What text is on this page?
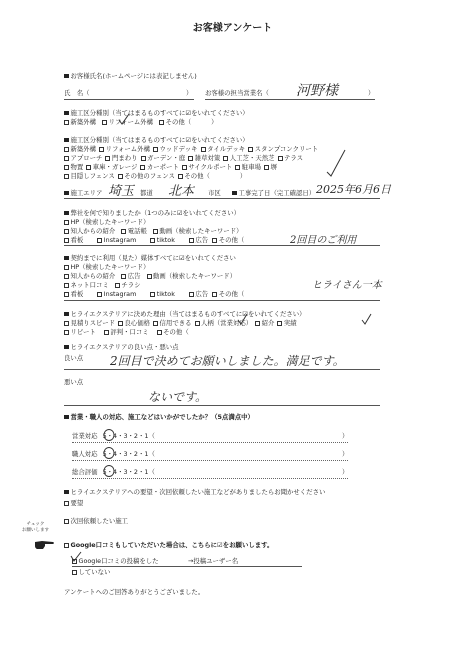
お客様アンケート
お客様氏名(ホームページには表記しません)
氏　名（	） お客様の担当営業名（ 河野様	）
施工区分種別（当てはまるものすべてに☑をいれてください）
新築外構 リフォーム外構 その他（	）
施工区分種別（当てはまるものすべてに☑をいれてください）
新築外構 リフォーム外構 ウッドデッキ タイルデッキ スタンプコンクリート
アプローチ 門まわり ガーデン・庭 雑草対策 人工芝・天然芝 テラス
物置 車庫・ガレージ カーポート サイクルポート 駐車場 塀
目隠しフェンス その他のフェンス その他（	）
施工エリア 埼玉 都道 北本 市区	工事完了日（完工確認日） 2025年6月6日
弊社を何で知りましたか（1つのみに☑をいれてください）
HP（検索したキーワード）
知人からの紹介 電話帳 動画（検索したキーワード）
看板	Instagram	tiktok	広告 その他（	2回目のご利用
契約までに利用（見た）媒体すべてに☑をいれてください
HP（検索したキーワード）
知人からの紹介 広告 動画（検索したキーワード）
ネット口コミ チラシ
看板	Instagram	tiktok	広告 その他（
ヒライさん一本
ヒライエクステリアに決めた理由（当てはまるものすべてに☑をいれてください）
見積りスピード 良心価格 信用できる 人柄（営業対応） 紹介 実績
リピート 評判・口コミ その他（
ヒライエクステリアの良い点・悪い点
良い点 2回目で決めてお願いしました。満足です。
悪い点
ないです。
営業・職人の対応、施工などはいかがでしたか？（5点満点中）
営業対応 5・4・3・2・1（	）
職人対応 5・4・3・2・1（	）
総合評価 5・4・3・2・1（	）
ヒライエクステリアへの要望・次回依頼したい施工などがありましたらお聞かせください
要望
次回依頼したい施工
チェック
お願いします
Google口コミもしていただいた場合は、こちらに☑をお願いします。
Google口コミの投稿をした	→投稿ユーザー名
していない
アンケートへのご回答ありがとうございました。
